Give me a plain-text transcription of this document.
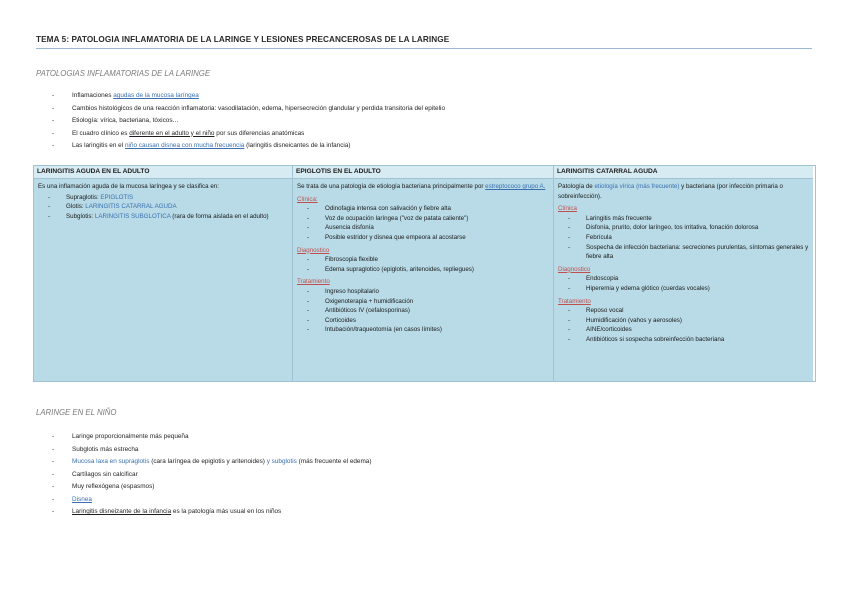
TEMA 5: PATOLOGIA INFLAMATORIA DE LA LARINGE Y LESIONES PRECANCEROSAS DE LA LARINGE
PATOLOGIAS INFLAMATORIAS DE LA LARINGE
- Inflamaciones agudas de la mucosa laríngea
- Cambios histológicos de una reacción inflamatoria: vasodilatación, edema, hipersecreción glandular y perdida transitoria del epitelio
- Etiología: vírica, bacteriana, tóxicos…
- El cuadro clínico es diferente en el adulto y el niño por sus diferencias anatómicas
- Las laringitis en el niño causan disnea con mucha frecuencia (laringitis disneicantes de la infancia)
LARINGITIS AGUDA EN EL ADULTO

Es una inflamación aguda de la mucosa laríngea y se clasifica en:

- Supraglotis: EPIGLOTIS
- Glotis: LARINGITIS CATARRAL AGUDA
- Subglotis: LARINGITIS SUBGLOTICA (rara de forma aislada en el adulto)
EPIGLOTIS EN EL ADULTO

Se trata de una patología de etiología bacteriana principalmente por estreptococo grupo A.

Clínica:
- Odinofagia intensa con salivación y fiebre alta
- Voz de ocupación laríngea ("voz de patata caliente")
- Ausencia disfonía
- Posible estridor y disnea que empeora al acostarse
Diagnostico
- Fibroscopia flexible
- Edema supraglotico (epiglotis, aritenoides, repliegues)
Tratamiento
- Ingreso hospitalario
- Oxigenoterapia + humidificación
- Antibióticos IV (cefalosporinas)
- Corticoides
- Intubación/traqueotomía (en casos límites)
LARINGITIS CATARRAL AGUDA

Patología de etiología vírica (más frecuente) y bacteriana (por infección primaria o sobreinfección).

Clínica
- Laringitis más frecuente
- Disfonía, prurito, dolor laríngeo, tos irritativa, fonación dolorosa
- Febrícula
- Sospecha de infección bacteriana: secreciones purulentas, síntomas generales y fiebre alta
Diagnostico
- Endoscopia
- Hiperemia y edema glótico (cuerdas vocales)
Tratamiento
- Reposo vocal
- Humidificación (vahos y aerosoles)
- AINE/corticoides
- Antibióticos si sospecha sobreinfección bacteriana
LARINGE EN EL NIÑO
- Laringe proporcionalmente más pequeña
- Subglotis más estrecha
- Mucosa laxa en supraglotis (cara laríngea de epiglotis y aritenoides) y subglotis (más frecuente el edema)
- Cartílagos sin calcificar
- Muy reflexógena (espasmos)
- Disnea
- Laringitis disneizante de la infancia es la patología más usual en los niños
